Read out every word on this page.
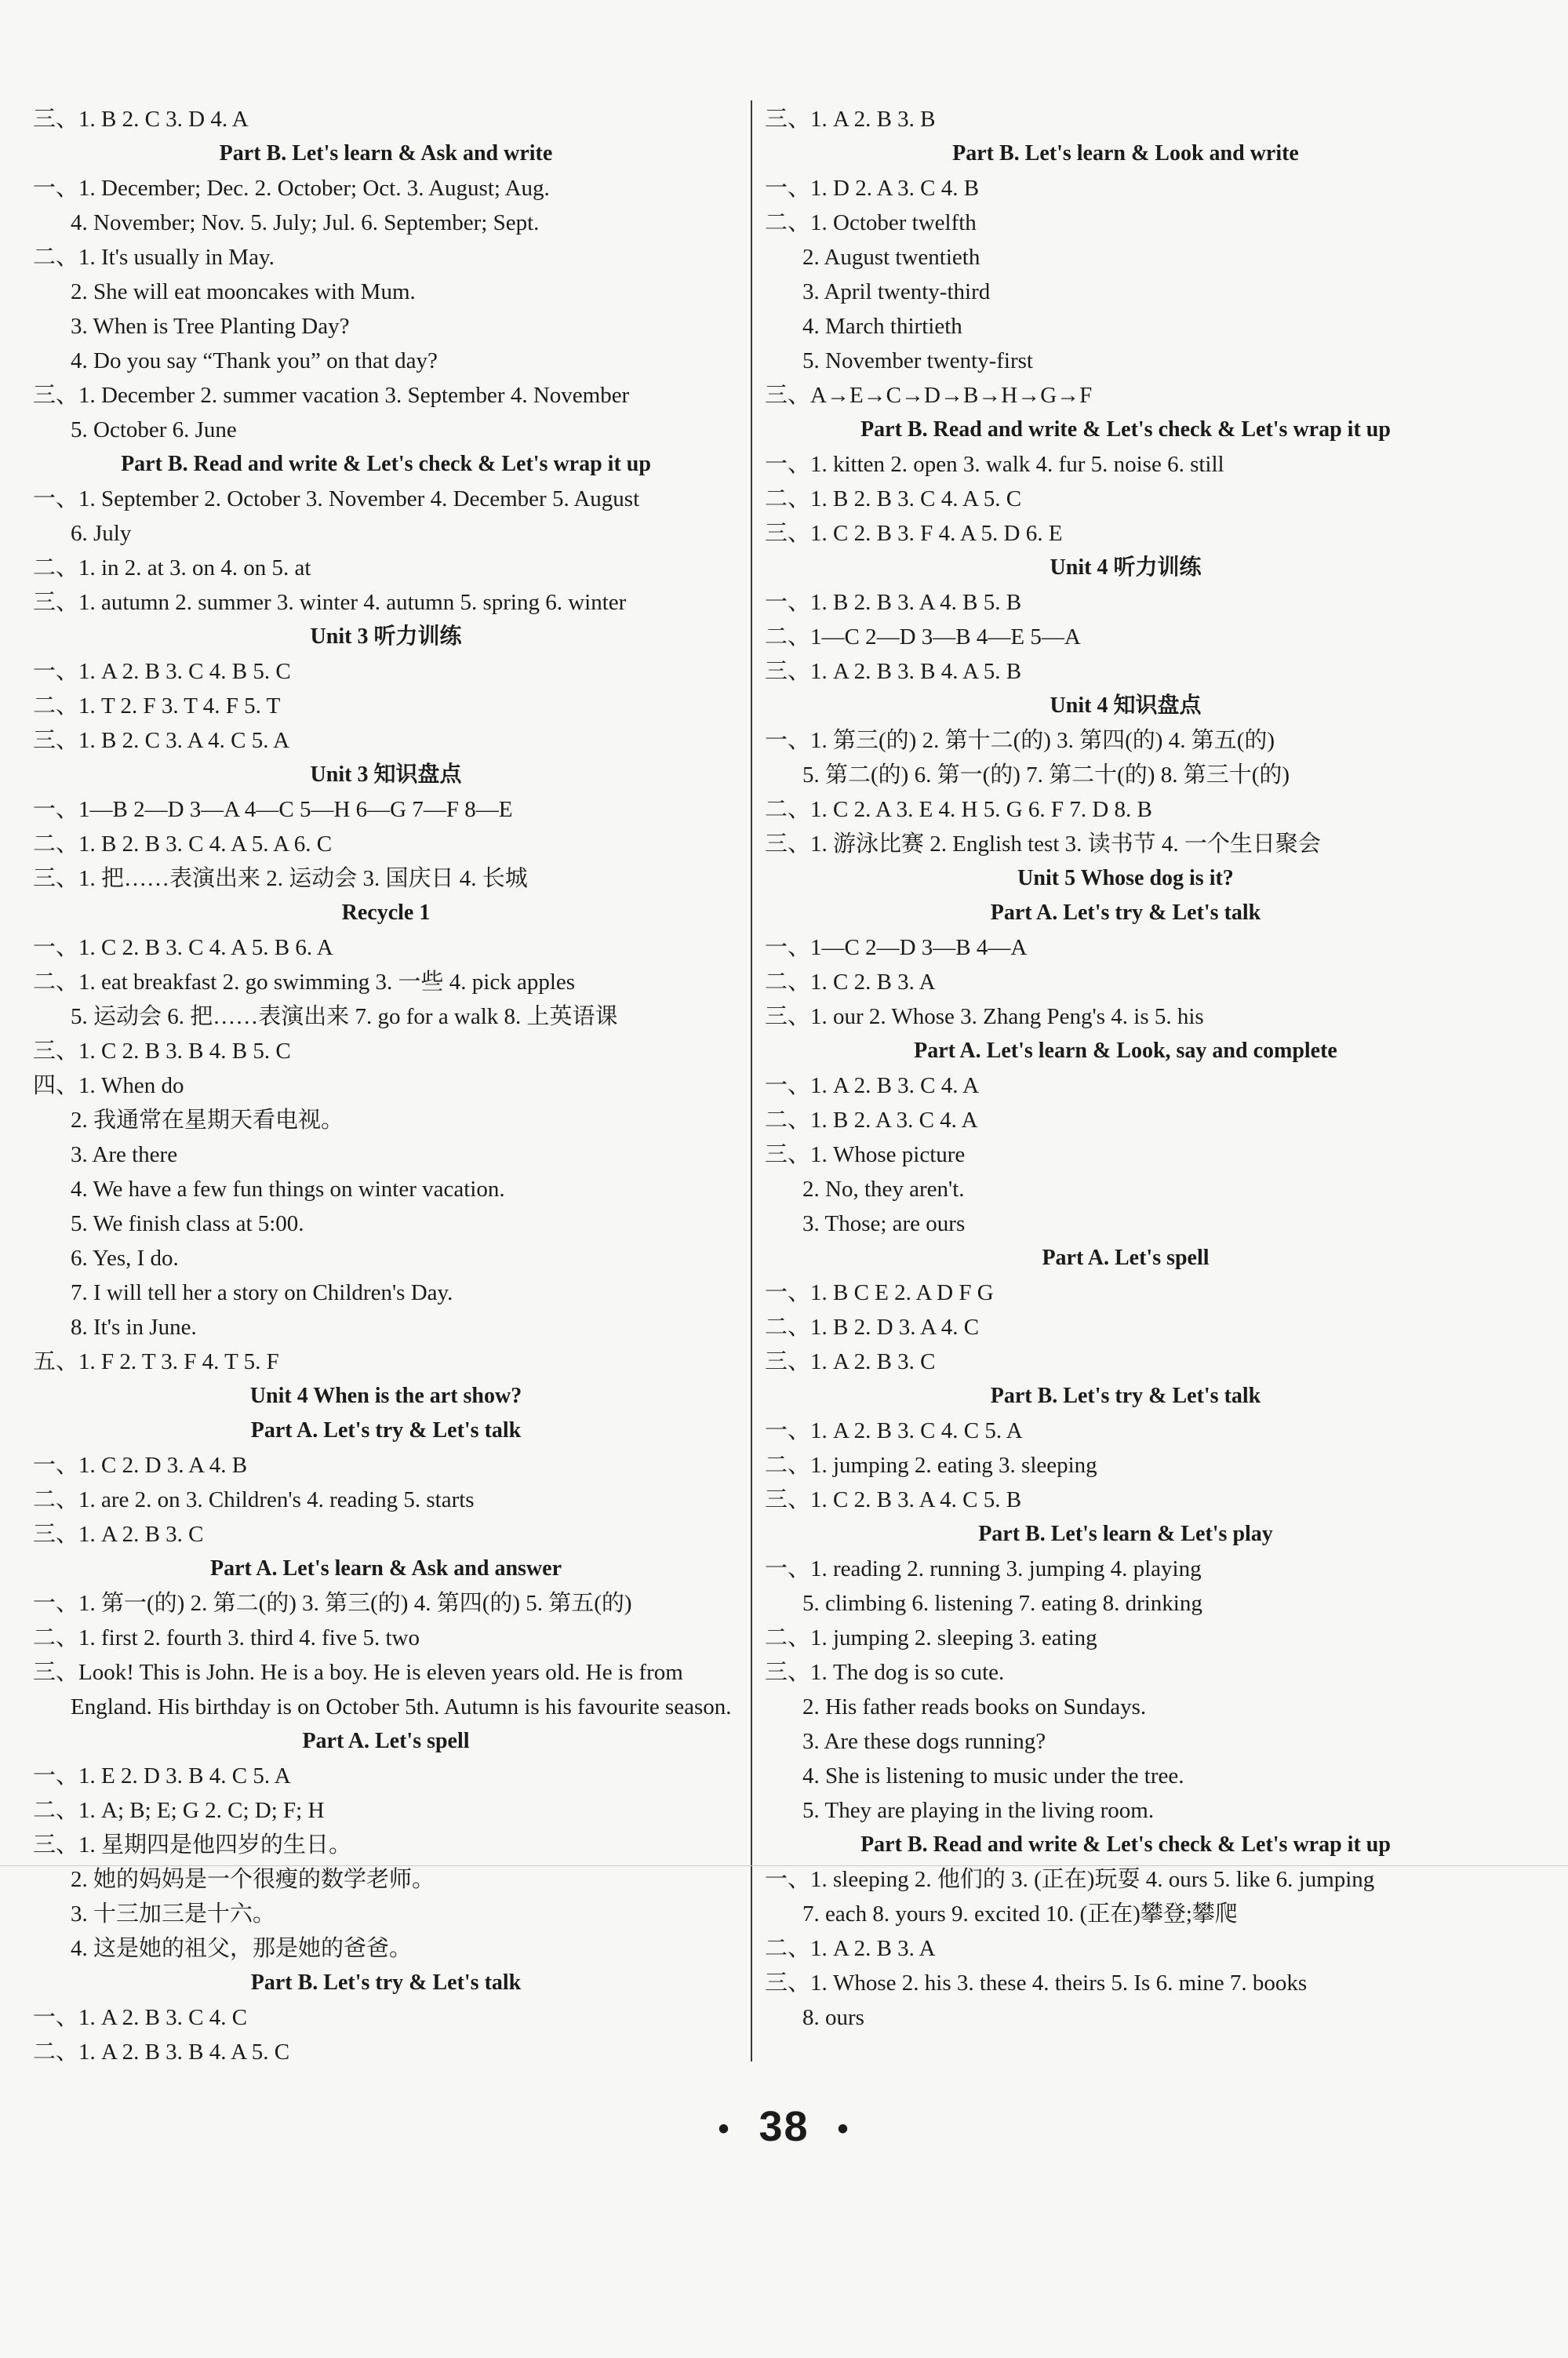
三、1. B 2. C 3. D 4. A
Part B. Let's learn & Ask and write
一、1. December; Dec. 2. October; Oct. 3. August; Aug.
4. November; Nov. 5. July; Jul. 6. September; Sept.
二、1. It's usually in May.
2. She will eat mooncakes with Mum.
3. When is Tree Planting Day?
4. Do you say “Thank you” on that day?
三、1. December 2. summer vacation 3. September 4. November
5. October 6. June
Part B. Read and write & Let's check & Let's wrap it up
一、1. September 2. October 3. November 4. December 5. August
6. July
二、1. in 2. at 3. on 4. on 5. at
三、1. autumn 2. summer 3. winter 4. autumn 5. spring 6. winter
Unit 3 听力训练
一、1. A 2. B 3. C 4. B 5. C
二、1. T 2. F 3. T 4. F 5. T
三、1. B 2. C 3. A 4. C 5. A
Unit 3 知识盘点
一、1—B 2—D 3—A 4—C 5—H 6—G 7—F 8—E
二、1. B 2. B 3. C 4. A 5. A 6. C
三、1. 把……表演出来 2. 运动会 3. 国庆日 4. 长城
Recycle 1
一、1. C 2. B 3. C 4. A 5. B 6. A
二、1. eat breakfast 2. go swimming 3. 一些 4. pick apples
5. 运动会 6. 把……表演出来 7. go for a walk 8. 上英语课
三、1. C 2. B 3. B 4. B 5. C
四、1. When do
2. 我通常在星期天看电视。
3. Are there
4. We have a few fun things on winter vacation.
5. We finish class at 5:00.
6. Yes, I do.
7. I will tell her a story on Children's Day.
8. It's in June.
五、1. F 2. T 3. F 4. T 5. F
Unit 4 When is the art show?
Part A. Let's try & Let's talk
一、1. C 2. D 3. A 4. B
二、1. are 2. on 3. Children's 4. reading 5. starts
三、1. A 2. B 3. C
Part A. Let's learn & Ask and answer
一、1. 第一(的) 2. 第二(的) 3. 第三(的) 4. 第四(的) 5. 第五(的)
二、1. first 2. fourth 3. third 4. five 5. two
三、Look! This is John. He is a boy. He is eleven years old. He is from
England. His birthday is on October 5th. Autumn is his favourite season.
Part A. Let's spell
一、1. E 2. D 3. B 4. C 5. A
二、1. A; B; E; G 2. C; D; F; H
三、1. 星期四是他四岁的生日。
2. 她的妈妈是一个很瘦的数学老师。
3. 十三加三是十六。
4. 这是她的祖父，那是她的爸爸。
Part B. Let's try & Let's talk
一、1. A 2. B 3. C 4. C
二、1. A 2. B 3. B 4. A 5. C
三、1. A 2. B 3. B
Part B. Let's learn & Look and write
一、1. D 2. A 3. C 4. B
二、1. October twelfth
2. August twentieth
3. April twenty-third
4. March thirtieth
5. November twenty-first
三、A→E→C→D→B→H→G→F
Part B. Read and write & Let's check & Let's wrap it up
一、1. kitten 2. open 3. walk 4. fur 5. noise 6. still
二、1. B 2. B 3. C 4. A 5. C
三、1. C 2. B 3. F 4. A 5. D 6. E
Unit 4 听力训练
一、1. B 2. B 3. A 4. B 5. B
二、1—C 2—D 3—B 4—E 5—A
三、1. A 2. B 3. B 4. A 5. B
Unit 4 知识盘点
一、1. 第三(的) 2. 第十二(的) 3. 第四(的) 4. 第五(的)
5. 第二(的) 6. 第一(的) 7. 第二十(的) 8. 第三十(的)
二、1. C 2. A 3. E 4. H 5. G 6. F 7. D 8. B
三、1. 游泳比赛 2. English test 3. 读书节 4. 一个生日聚会
Unit 5 Whose dog is it?
Part A. Let's try & Let's talk
一、1—C 2—D 3—B 4—A
二、1. C 2. B 3. A
三、1. our 2. Whose 3. Zhang Peng's 4. is 5. his
Part A. Let's learn & Look, say and complete
一、1. A 2. B 3. C 4. A
二、1. B 2. A 3. C 4. A
三、1. Whose picture
2. No, they aren't.
3. Those; are ours
Part A. Let's spell
一、1. B C E 2. A D F G
二、1. B 2. D 3. A 4. C
三、1. A 2. B 3. C
Part B. Let's try & Let's talk
一、1. A 2. B 3. C 4. C 5. A
二、1. jumping 2. eating 3. sleeping
三、1. C 2. B 3. A 4. C 5. B
Part B. Let's learn & Let's play
一、1. reading 2. running 3. jumping 4. playing
5. climbing 6. listening 7. eating 8. drinking
二、1. jumping 2. sleeping 3. eating
三、1. The dog is so cute.
2. His father reads books on Sundays.
3. Are these dogs running?
4. She is listening to music under the tree.
5. They are playing in the living room.
Part B. Read and write & Let's check & Let's wrap it up
一、1. sleeping 2. 他们的 3. (正在)玩耍 4. ours 5. like 6. jumping
7. each 8. yours 9. excited 10. (正在)攀登;攀爬
二、1. A 2. B 3. A
三、1. Whose 2. his 3. these 4. theirs 5. Is 6. mine 7. books
8. ours
• 38 •
